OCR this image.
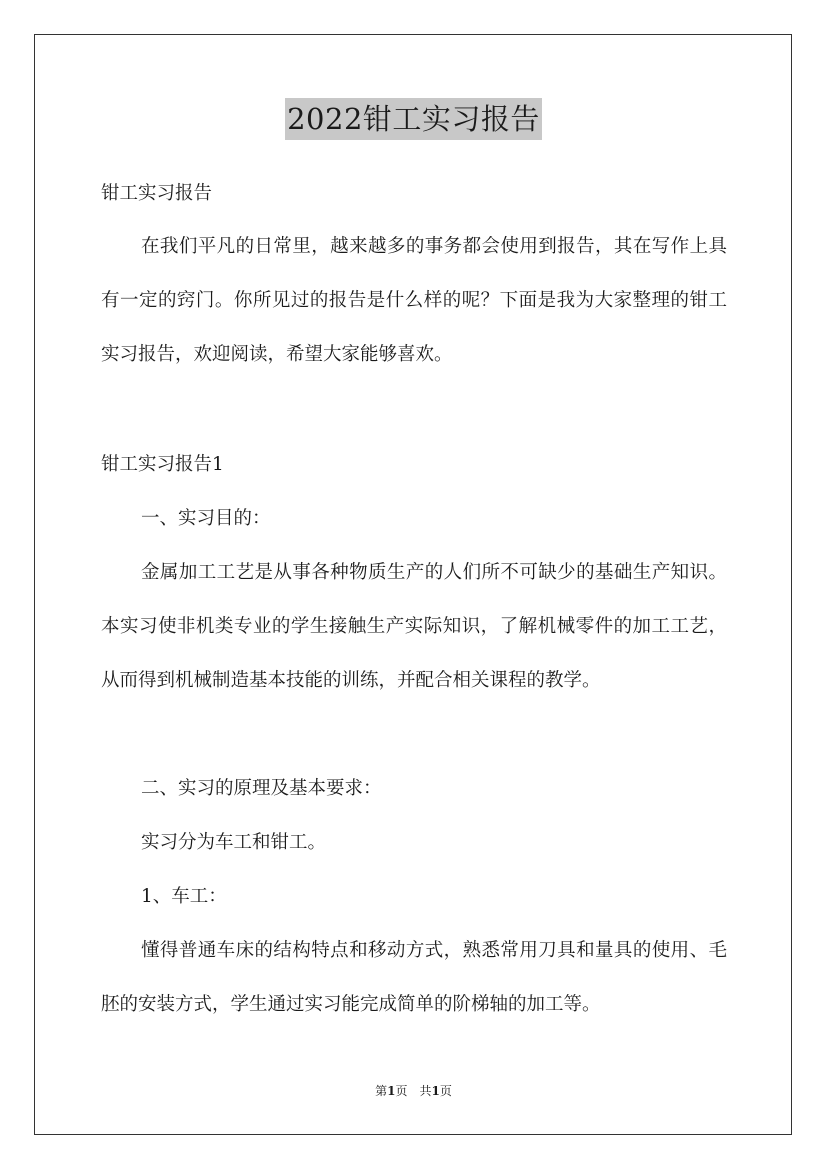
2022钳工实习报告

钳工实习报告

在我们平凡的日常里，越来越多的事务都会使用到报告，其在写作上具有一定的窍门。你所见过的报告是什么样的呢？下面是我为大家整理的钳工实习报告，欢迎阅读，希望大家能够喜欢。

钳工实习报告1

一、实习目的：

金属加工工艺是从事各种物质生产的人们所不可缺少的基础生产知识。本实习使非机类专业的学生接触生产实际知识，了解机械零件的加工工艺，从而得到机械制造基本技能的训练，并配合相关课程的教学。

二、实习的原理及基本要求：

实习分为车工和钳工。

1、车工：

懂得普通车床的结构特点和移动方式，熟悉常用刀具和量具的使用、毛胚的安装方式，学生通过实习能完成简单的阶梯轴的加工等。

第1页　共1页
